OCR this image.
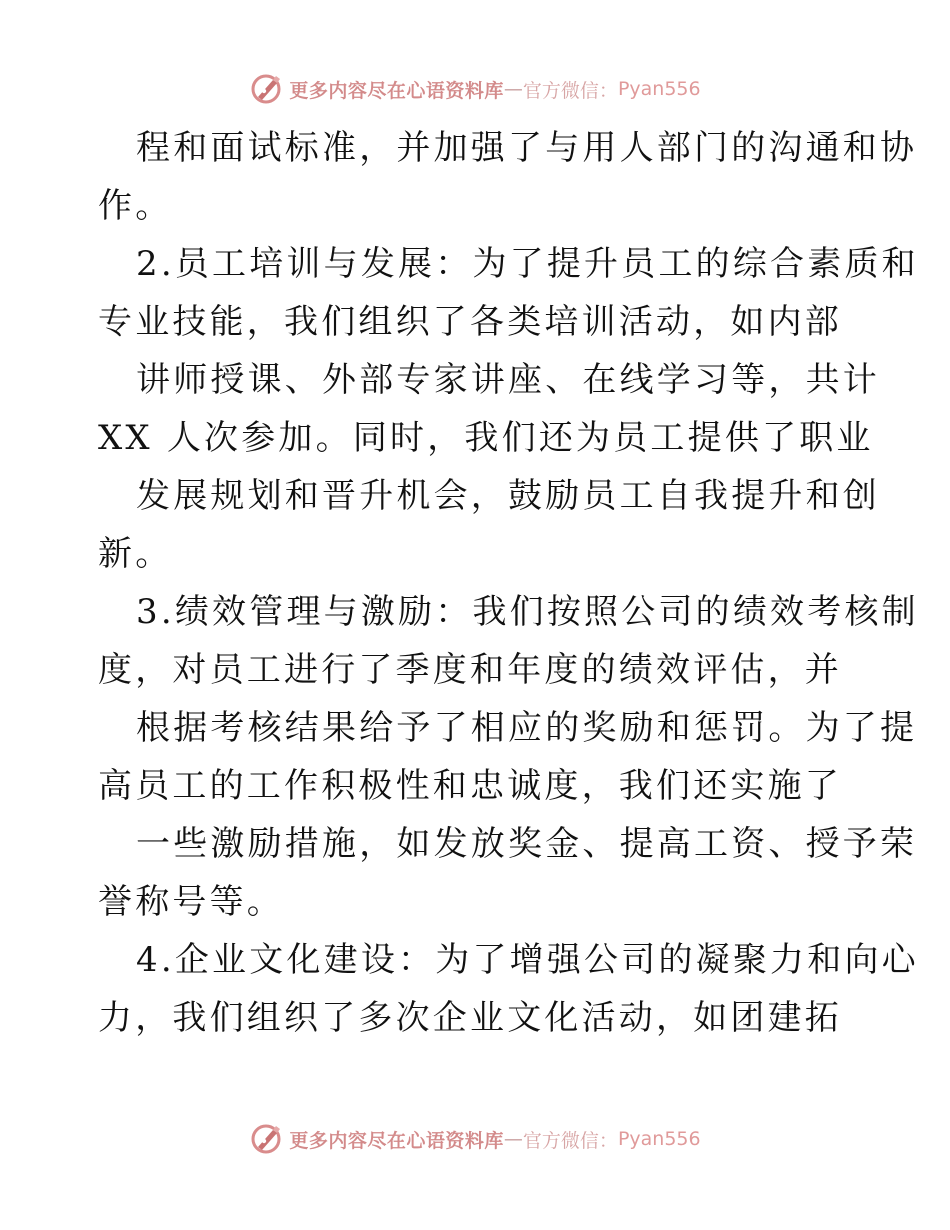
更多内容尽在心语资料库 — 官方微信： Pyan556
程和面试标准，并加强了与用人部门的沟通和协
作。
2.员工培训与发展：为了提升员工的综合素质和
专业技能，我们组织了各类培训活动，如内部
讲师授课、外部专家讲座、在线学习等，共计
XX 人次参加。同时，我们还为员工提供了职业
发展规划和晋升机会，鼓励员工自我提升和创
新。
3.绩效管理与激励：我们按照公司的绩效考核制
度，对员工进行了季度和年度的绩效评估，并
根据考核结果给予了相应的奖励和惩罚。为了提
高员工的工作积极性和忠诚度，我们还实施了
一些激励措施，如发放奖金、提高工资、授予荣
誉称号等。
4.企业文化建设：为了增强公司的凝聚力和向心
力，我们组织了多次企业文化活动，如团建拓
更多内容尽在心语资料库 — 官方微信： Pyan556
